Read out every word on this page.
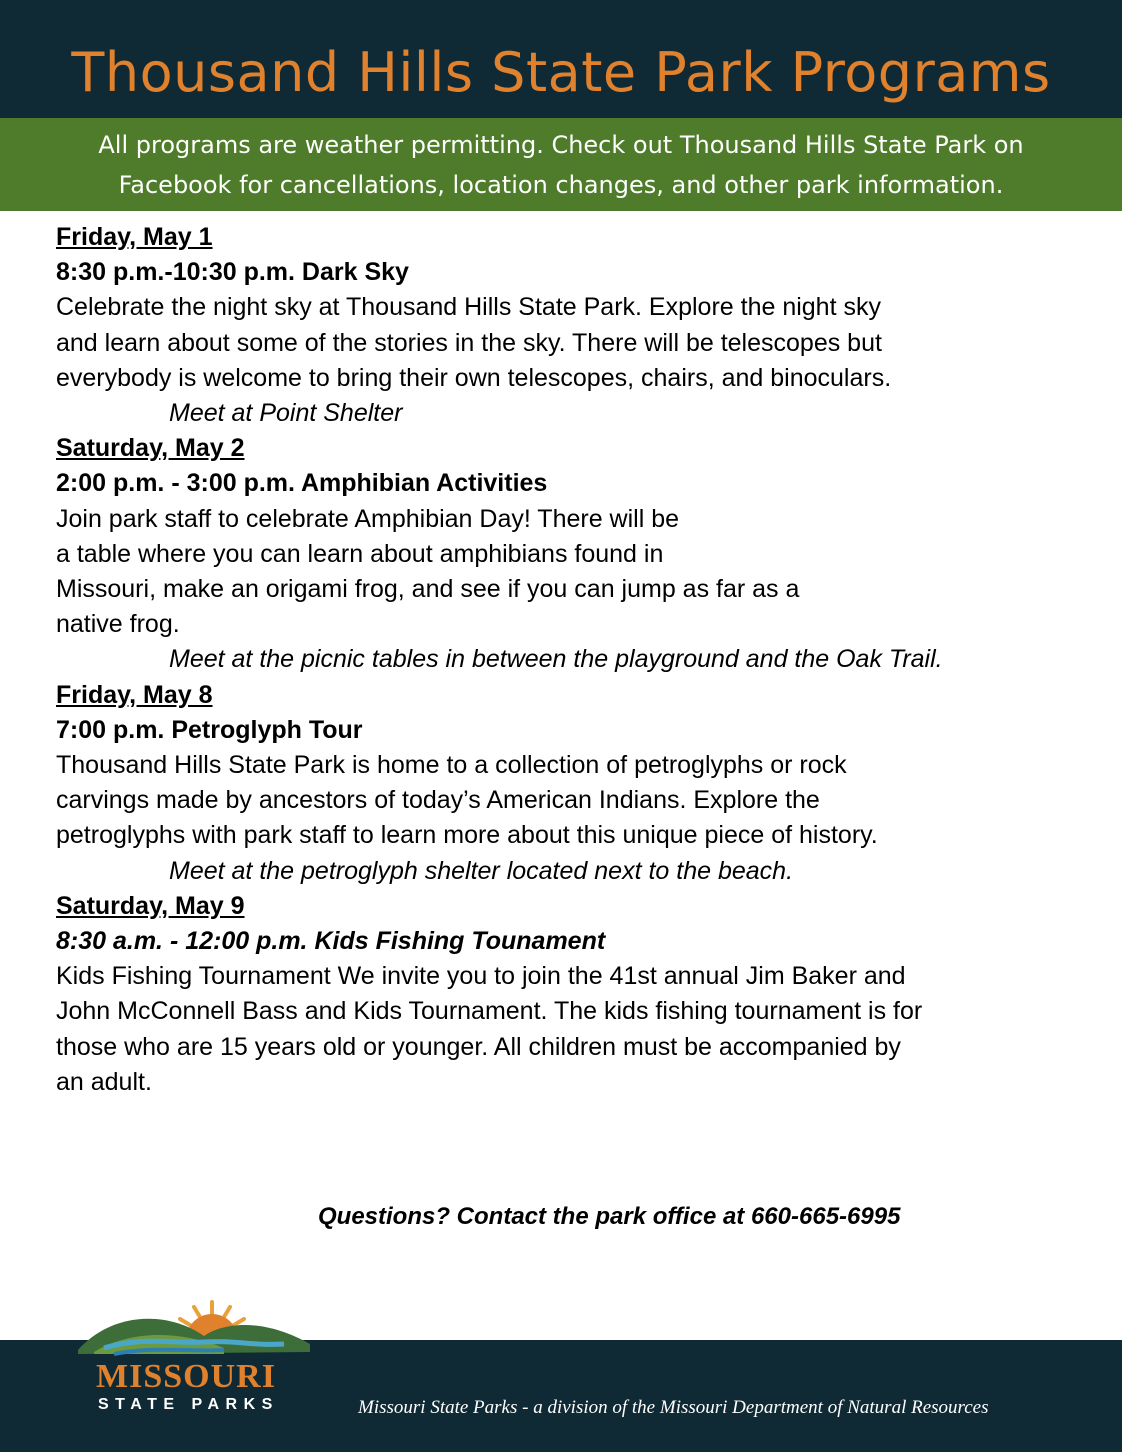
Thousand Hills State Park Programs
All programs are weather permitting. Check out Thousand Hills State Park on
Facebook for cancellations, location changes, and other park information.

Friday, May 1

8:30 p.m.-10:30 p.m. Dark Sky

Celebrate the night sky at Thousand Hills State Park. Explore the night sky

and learn about some of the stories in the sky. There will be telescopes but

everybody is welcome to bring their own telescopes, chairs, and binoculars.

Meet at Point Shelter

Saturday, May 2

2:00 p.m. - 3:00 p.m. Amphibian Activities

Join park staff to celebrate Amphibian Day! There will be

a table where you can learn about amphibians found in

Missouri, make an origami frog, and see if you can jump as far as a

native frog.

Meet at the picnic tables in between the playground and the Oak Trail.

Friday, May 8

7:00 p.m. Petroglyph Tour

Thousand Hills State Park is home to a collection of petroglyphs or rock

carvings made by ancestors of today’s American Indians. Explore the

petroglyphs with park staff to learn more about this unique piece of history.

Meet at the petroglyph shelter located next to the beach.

Saturday, May 9

8:30 a.m. - 12:00 p.m. Kids Fishing Tounament

Kids Fishing Tournament We invite you to join the 41st annual Jim Baker and

John McConnell Bass and Kids Tournament. The kids fishing tournament is for

those who are 15 years old or younger. All children must be accompanied by

an adult.

Questions? Contact the park office at 660-665-6995
MISSOURI
STATE PARKS	Missouri State Parks - a division of the Missouri Department of Natural Resources
